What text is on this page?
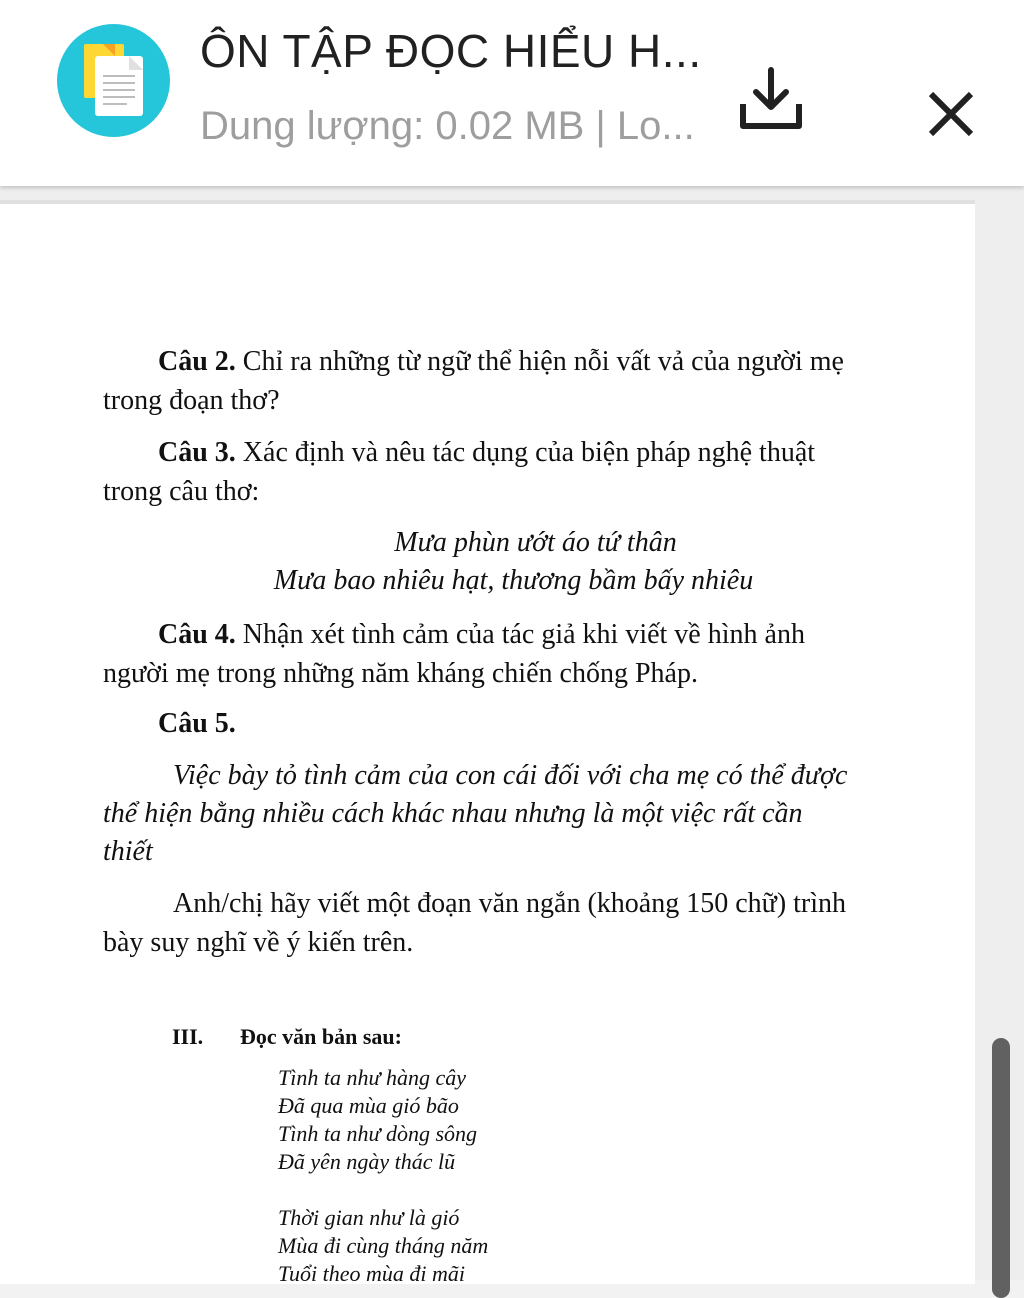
ÔN TẬP ĐỌC HIỂU H...
Dung lượng: 0.02 MB | Lo...

Câu 2. Chỉ ra những từ ngữ thể hiện nỗi vất vả của người mẹ
trong đoạn thơ?

Câu 3. Xác định và nêu tác dụng của biện pháp nghệ thuật
trong câu thơ:

Mưa phùn ướt áo tứ thân
Mưa bao nhiêu hạt, thương bầm bấy nhiêu

Câu 4. Nhận xét tình cảm của tác giả khi viết về hình ảnh
người mẹ trong những năm kháng chiến chống Pháp.

Câu 5.

Việc bày tỏ tình cảm của con cái đối với cha mẹ có thể được
thể hiện bằng nhiều cách khác nhau nhưng là một việc rất cần
thiết

Anh/chị hãy viết một đoạn văn ngắn (khoảng 150 chữ) trình
bày suy nghĩ về ý kiến trên.

III. Đọc văn bản sau:
Tình ta như hàng cây
Đã qua mùa gió bão
Tình ta như dòng sông
Đã yên ngày thác lũ
Thời gian như là gió
Mùa đi cùng tháng năm
Tuổi theo mùa đi mãi
